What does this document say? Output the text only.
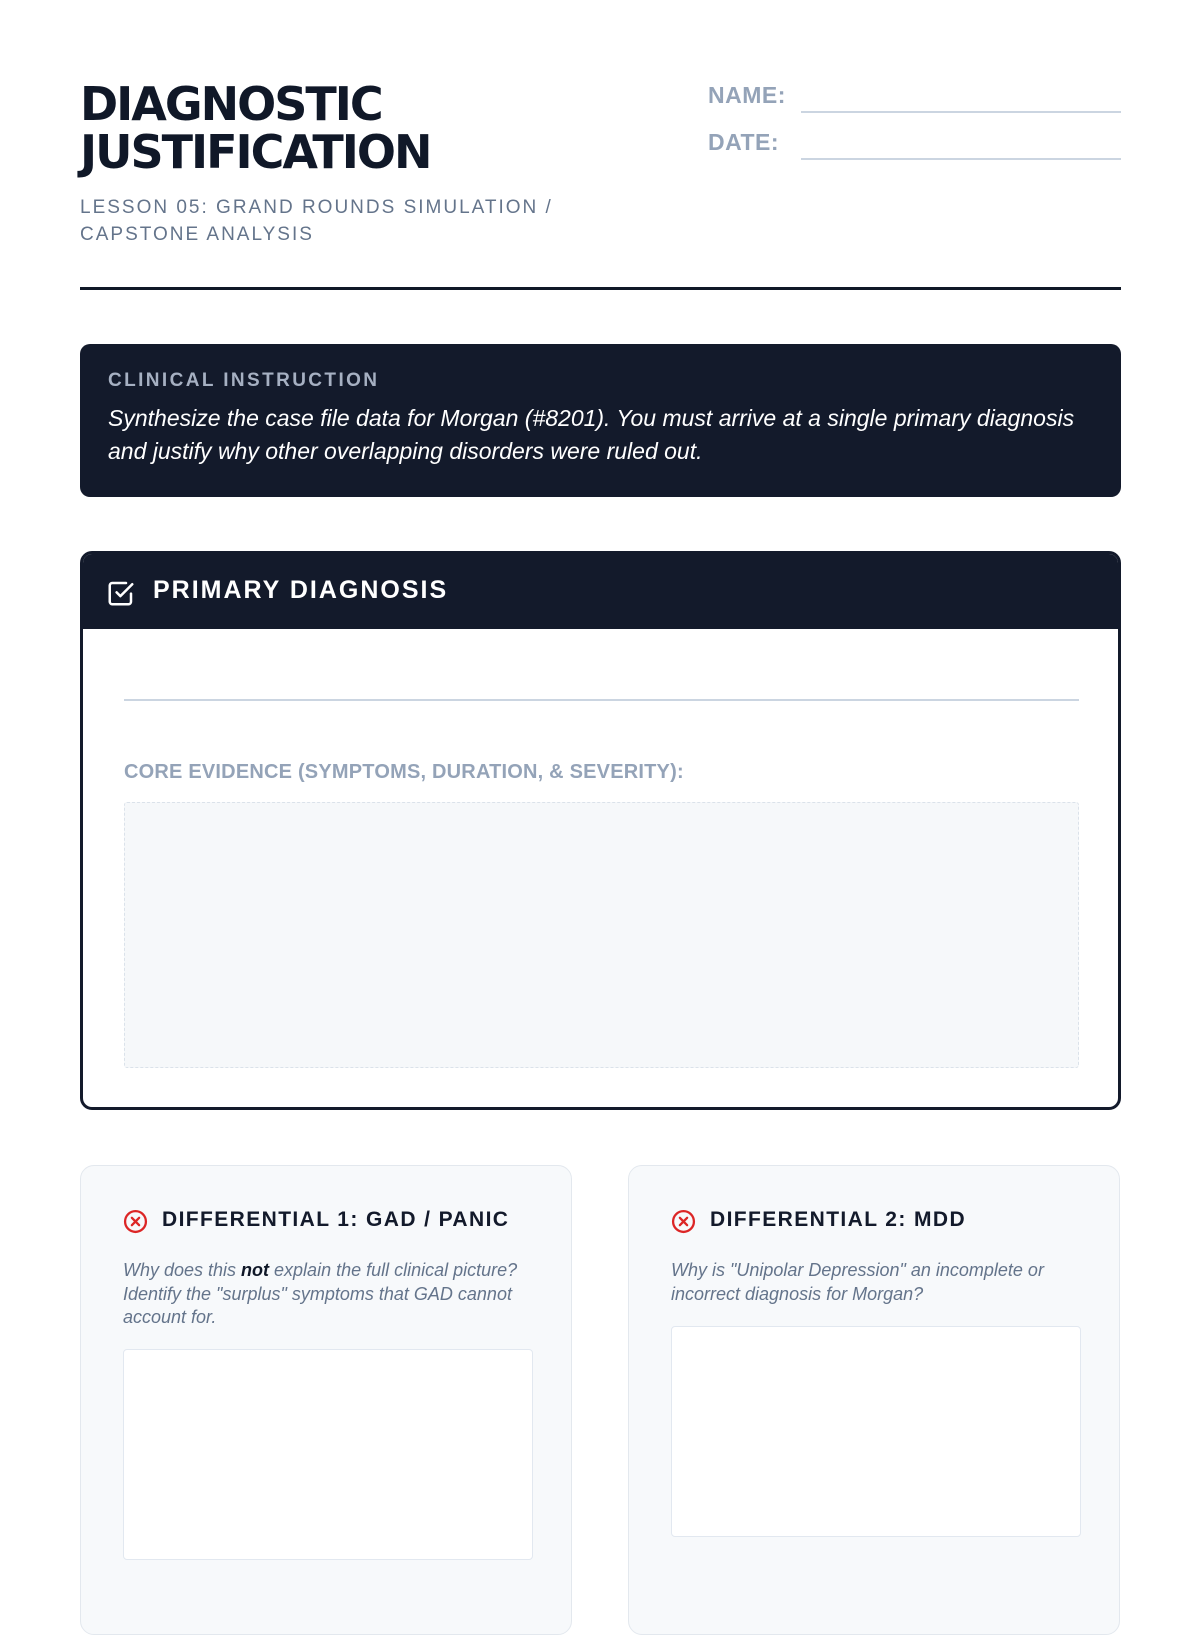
DIAGNOSTIC JUSTIFICATION
LESSON 05: GRAND ROUNDS SIMULATION / CAPSTONE ANALYSIS
NAME:
DATE:
CLINICAL INSTRUCTION
Synthesize the case file data for Morgan (#8201). You must arrive at a single primary diagnosis and justify why other overlapping disorders were ruled out.
PRIMARY DIAGNOSIS
CORE EVIDENCE (SYMPTOMS, DURATION, & SEVERITY):
DIFFERENTIAL 1: GAD / PANIC
Why does this not explain the full clinical picture? Identify the "surplus" symptoms that GAD cannot account for.
DIFFERENTIAL 2: MDD
Why is "Unipolar Depression" an incomplete or incorrect diagnosis for Morgan?
